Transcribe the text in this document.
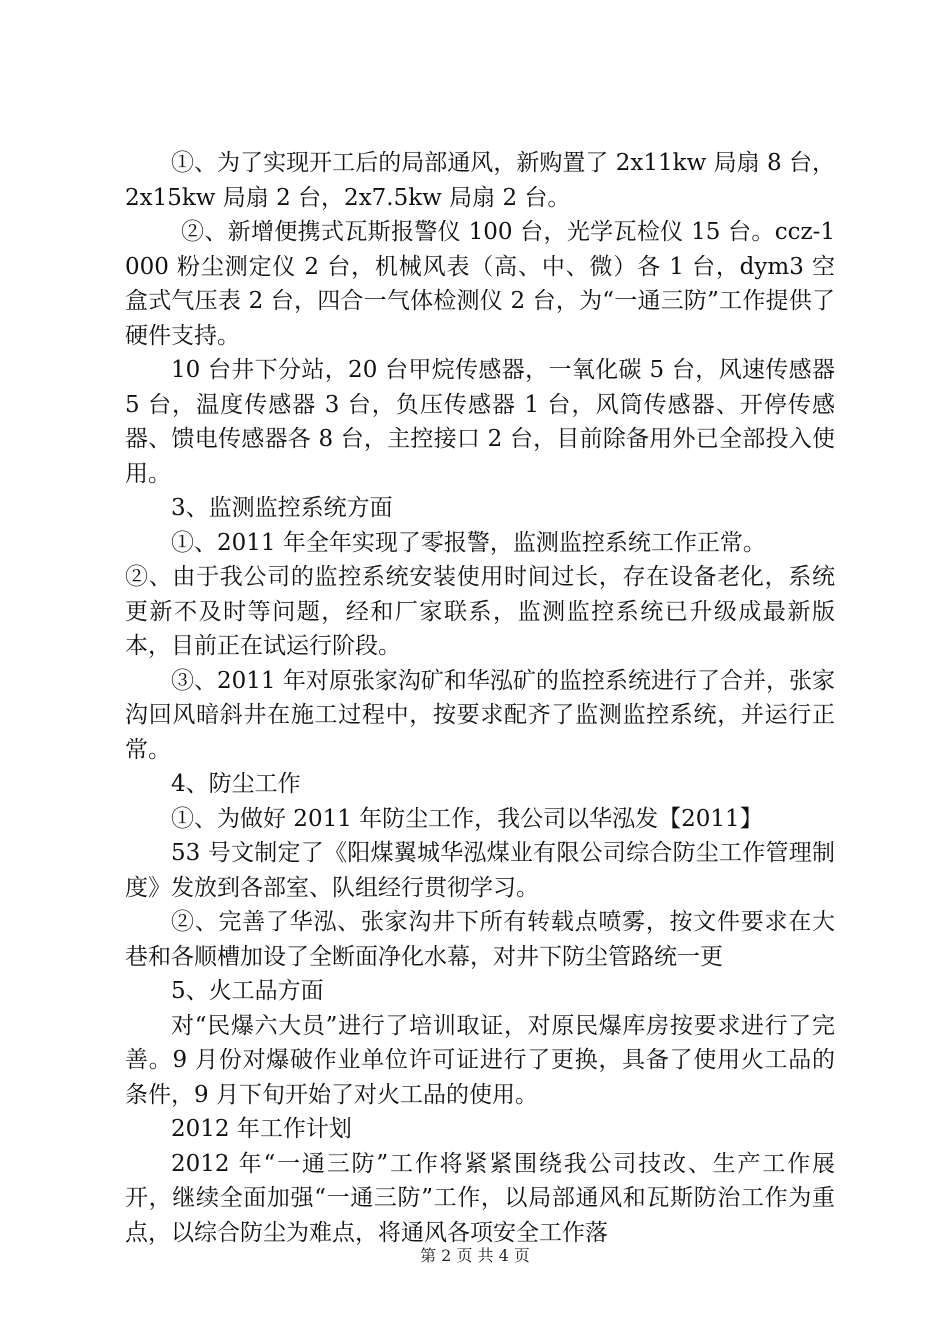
①、为了实现开工后的局部通风，新购置了 2x11kw 局扇 8 台，2x15kw 局扇 2 台，2x7.5kw 局扇 2 台。

②、新增便携式瓦斯报警仪 100 台，光学瓦检仪 15 台。ccz-1000 粉尘测定仪 2 台，机械风表（高、中、微）各 1 台，dym3 空盒式气压表 2 台，四合一气体检测仪 2 台，为“一通三防”工作提供了硬件支持。

10 台井下分站，20 台甲烷传感器，一氧化碳 5 台，风速传感器 5 台，温度传感器 3 台，负压传感器 1 台，风筒传感器、开停传感器、馈电传感器各 8 台，主控接口 2 台，目前除备用外已全部投入使用。

3、监测监控系统方面

①、2011 年全年实现了零报警，监测监控系统工作正常。

②、由于我公司的监控系统安装使用时间过长，存在设备老化，系统更新不及时等问题，经和厂家联系，监测监控系统已升级成最新版本，目前正在试运行阶段。

③、2011 年对原张家沟矿和华泓矿的监控系统进行了合并，张家沟回风暗斜井在施工过程中，按要求配齐了监测监控系统，并运行正常。

4、防尘工作

①、为做好 2011 年防尘工作，我公司以华泓发【2011】

53 号文制定了《阳煤翼城华泓煤业有限公司综合防尘工作管理制度》发放到各部室、队组经行贯彻学习。

②、完善了华泓、张家沟井下所有转载点喷雾，按文件要求在大巷和各顺槽加设了全断面净化水幕，对井下防尘管路统一更

5、火工品方面

对“民爆六大员”进行了培训取证，对原民爆库房按要求进行了完善。9 月份对爆破作业单位许可证进行了更换，具备了使用火工品的条件，9 月下旬开始了对火工品的使用。

2012 年工作计划

2012 年“一通三防”工作将紧紧围绕我公司技改、生产工作展开，继续全面加强“一通三防”工作，以局部通风和瓦斯防治工作为重点，以综合防尘为难点，将通风各项安全工作落

第 2 页 共 4 页
